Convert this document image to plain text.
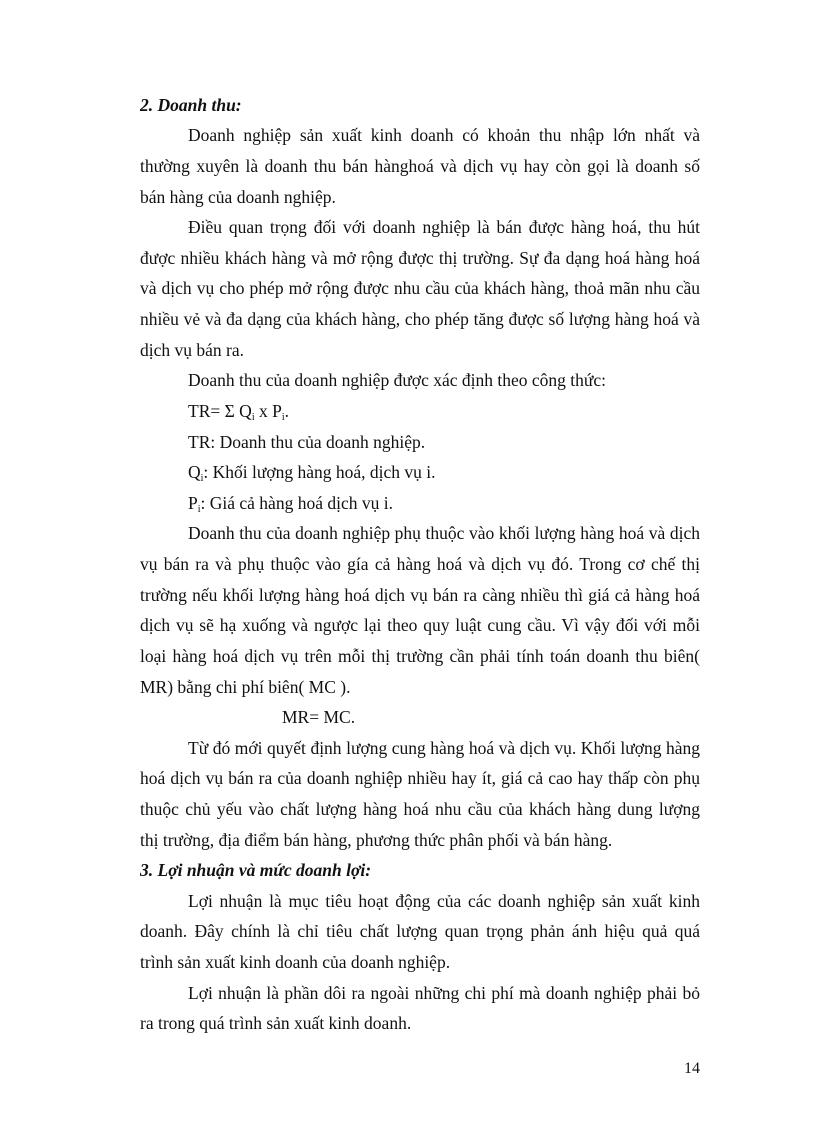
2. Doanh thu:

Doanh nghiệp sản xuất kinh doanh có khoản thu nhập lớn nhất và

thường xuyên là doanh thu bán hànghoá và dịch vụ hay còn gọi là doanh số

bán hàng của doanh nghiệp.

Điều quan trọng đối với doanh nghiệp là bán được hàng hoá, thu hút

được nhiều khách hàng và mở rộng được thị trường. Sự đa dạng hoá hàng hoá

và dịch vụ cho phép mở rộng được nhu cầu của khách hàng, thoả mãn nhu cầu

nhiều vẻ và đa dạng của khách hàng, cho phép tăng được số lượng hàng hoá và

dịch vụ bán ra.

Doanh thu của doanh nghiệp được xác định theo công thức:

TR= Σ $Q_i$ x $P_i$.

TR: Doanh thu của doanh nghiệp.

$Q_i$: Khối lượng hàng hoá, dịch vụ i.

$P_i$: Giá cả hàng hoá dịch vụ i.

Doanh thu của doanh nghiệp phụ thuộc vào khối lượng hàng hoá và dịch

vụ bán ra và phụ thuộc vào gía cả hàng hoá và dịch vụ đó. Trong cơ chế thị

trường nếu khối lượng hàng hoá dịch vụ bán ra càng nhiều thì giá cả hàng hoá

dịch vụ sẽ hạ xuống và ngược lại theo quy luật cung cầu. Vì vậy đối với mỗi

loại hàng hoá dịch vụ trên mỗi thị trường cần phải tính toán doanh thu biên(

MR) bằng chi phí biên( MC ).

MR= MC.

Từ đó mới quyết định lượng cung hàng hoá và dịch vụ. Khối lượng hàng

hoá dịch vụ bán ra của doanh nghiệp nhiều hay ít, giá cả cao hay thấp còn phụ

thuộc chủ yếu vào chất lượng hàng hoá nhu cầu của khách hàng dung lượng

thị trường, địa điểm bán hàng, phương thức phân phối và bán hàng.

3. Lợi nhuận và mức doanh lợi:

Lợi nhuận là mục tiêu hoạt động của các doanh nghiệp sản xuất kinh

doanh. Đây chính là chỉ tiêu chất lượng quan trọng phản ánh hiệu quả quá

trình sản xuất kinh doanh của doanh nghiệp.

Lợi nhuận là phần dôi ra ngoài những chi phí mà doanh nghiệp phải bỏ

ra trong quá trình sản xuất kinh doanh.

14
